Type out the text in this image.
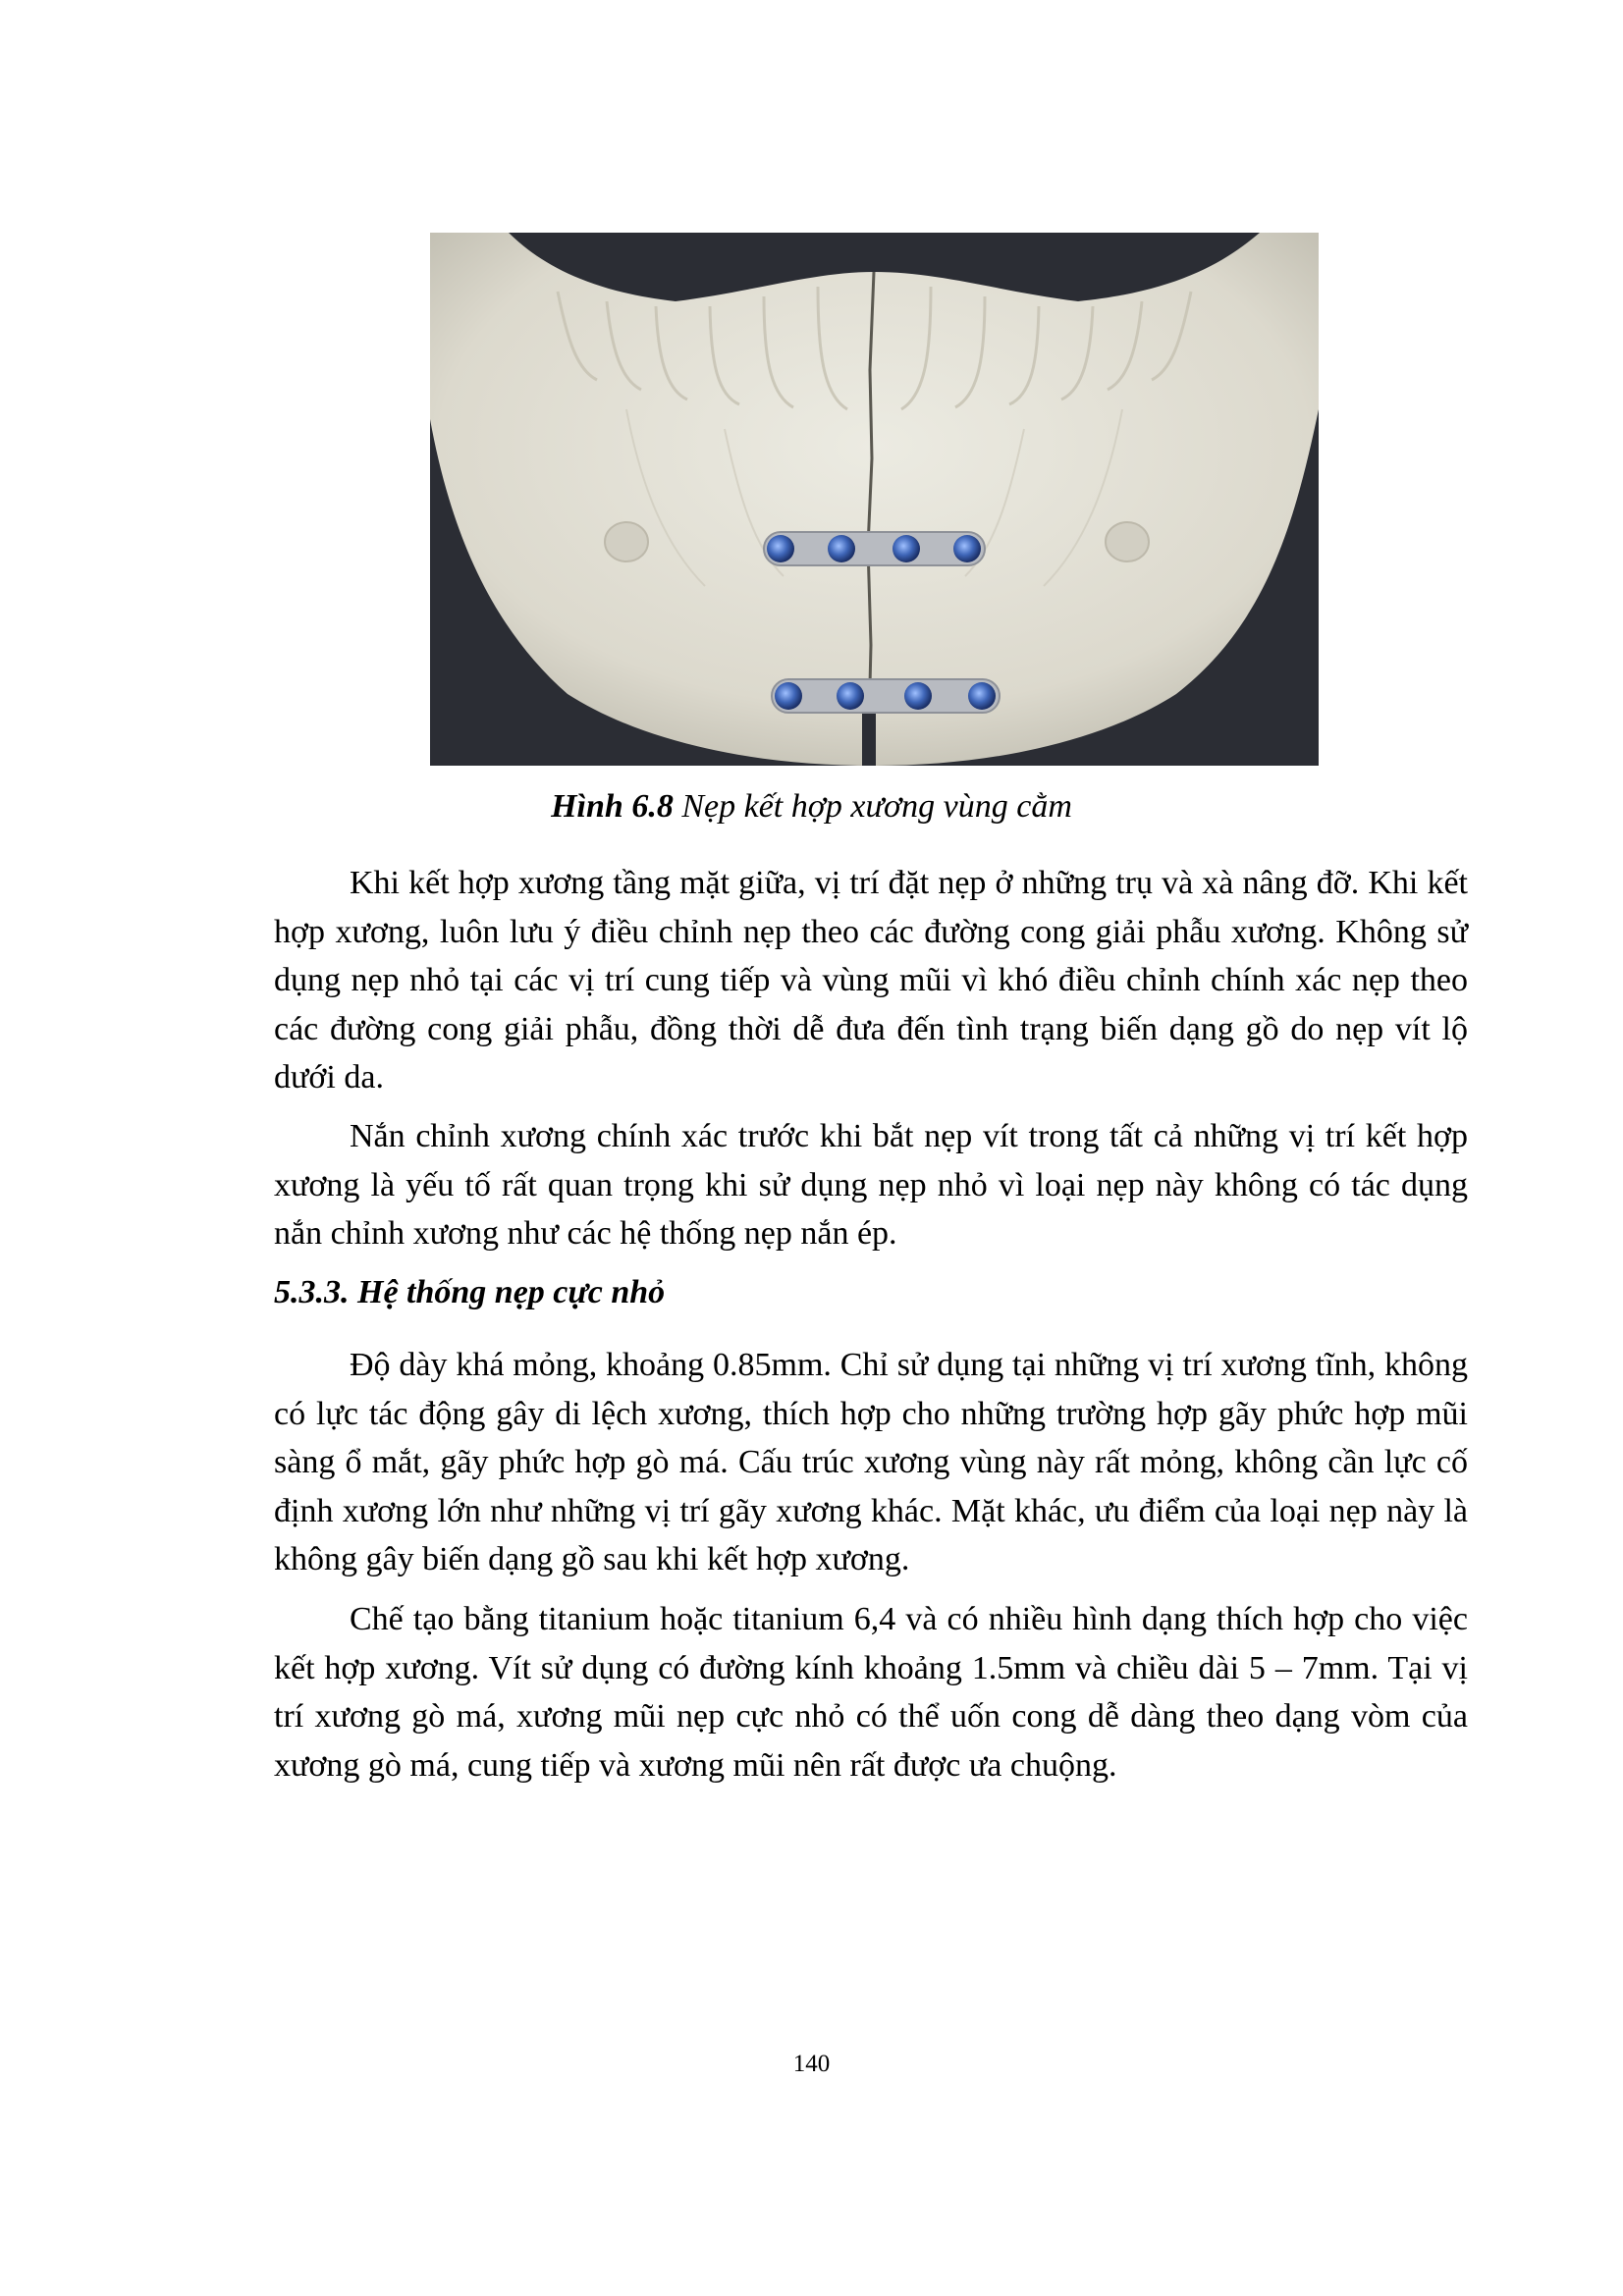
Hình 6.8 Nẹp kết hợp xương vùng cằm

Khi kết hợp xương tầng mặt giữa, vị trí đặt nẹp ở những trụ và xà nâng đỡ. Khi kết hợp xương, luôn lưu ý điều chỉnh nẹp theo các đường cong giải phẫu xương. Không sử dụng nẹp nhỏ tại các vị trí cung tiếp và vùng mũi vì khó điều chỉnh chính xác nẹp theo các đường cong giải phẫu, đồng thời dễ đưa đến tình trạng biến dạng gồ do nẹp vít lộ dưới da.

Nắn chỉnh xương chính xác trước khi bắt nẹp vít trong tất cả những vị trí kết hợp xương là yếu tố rất quan trọng khi sử dụng nẹp nhỏ vì loại nẹp này không có tác dụng nắn chỉnh xương như các hệ thống nẹp nắn ép.

5.3.3. Hệ thống nẹp cực nhỏ

Độ dày khá mỏng, khoảng 0.85mm. Chỉ sử dụng tại những vị trí xương tĩnh, không có lực tác động gây di lệch xương, thích hợp cho những trường hợp gãy phức hợp mũi sàng ổ mắt, gãy phức hợp gò má. Cấu trúc xương vùng này rất mỏng, không cần lực cố định xương lớn như những vị trí gãy xương khác. Mặt khác, ưu điểm của loại nẹp này là không gây biến dạng gồ sau khi kết hợp xương.

Chế tạo bằng titanium hoặc titanium 6,4 và có nhiều hình dạng thích hợp cho việc kết hợp xương. Vít sử dụng có đường kính khoảng 1.5mm và chiều dài 5 – 7mm. Tại vị trí xương gò má, xương mũi nẹp cực nhỏ có thể uốn cong dễ dàng theo dạng vòm của xương gò má, cung tiếp và xương mũi nên rất được ưa chuộng.

140
